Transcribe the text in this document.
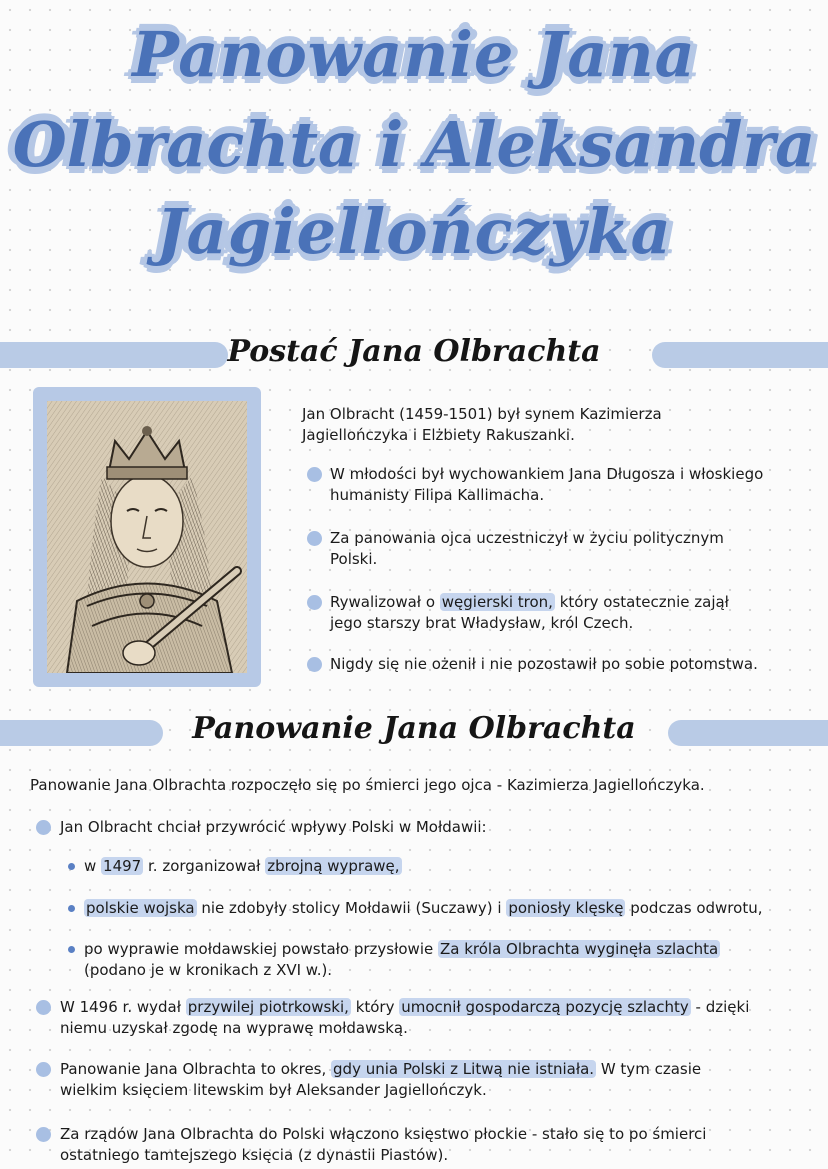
Panowanie Jana
Olbrachta i Aleksandra
Jagiellończyka
Postać Jana Olbrachta

Jan Olbracht (1459-1501) był synem Kazimierza

Jagiellończyka i Elżbiety Rakuszanki.

W młodości był wychowankiem Jana Długosza i włoskiego

humanisty Filipa Kallimacha.

Za panowania ojca uczestniczył w życiu politycznym

Polski.

Rywalizował o węgierski tron, który ostatecznie zajął

jego starszy brat Władysław, król Czech.

Nigdy się nie ożenił i nie pozostawił po sobie potomstwa.

Panowanie Jana Olbrachta

Panowanie Jana Olbrachta rozpoczęło się po śmierci jego ojca - Kazimierza Jagiellończyka.

Jan Olbracht chciał przywrócić wpływy Polski w Mołdawii:

w 1497 r. zorganizował zbrojną wyprawę,

polskie wojska nie zdobyły stolicy Mołdawii (Suczawy) i poniosły klęskę podczas odwrotu,

po wyprawie mołdawskiej powstało przysłowie Za króla Olbrachta wyginęła szlachta

(podano je w kronikach z XVI w.).

W 1496 r. wydał przywilej piotrkowski, który umocnił gospodarczą pozycję szlachty - dzięki

niemu uzyskał zgodę na wyprawę mołdawską.

Panowanie Jana Olbrachta to okres, gdy unia Polski z Litwą nie istniała. W tym czasie

wielkim księciem litewskim był Aleksander Jagiellończyk.

Za rządów Jana Olbrachta do Polski włączono księstwo płockie - stało się to po śmierci

ostatniego tamtejszego księcia (z dynastii Piastów).
